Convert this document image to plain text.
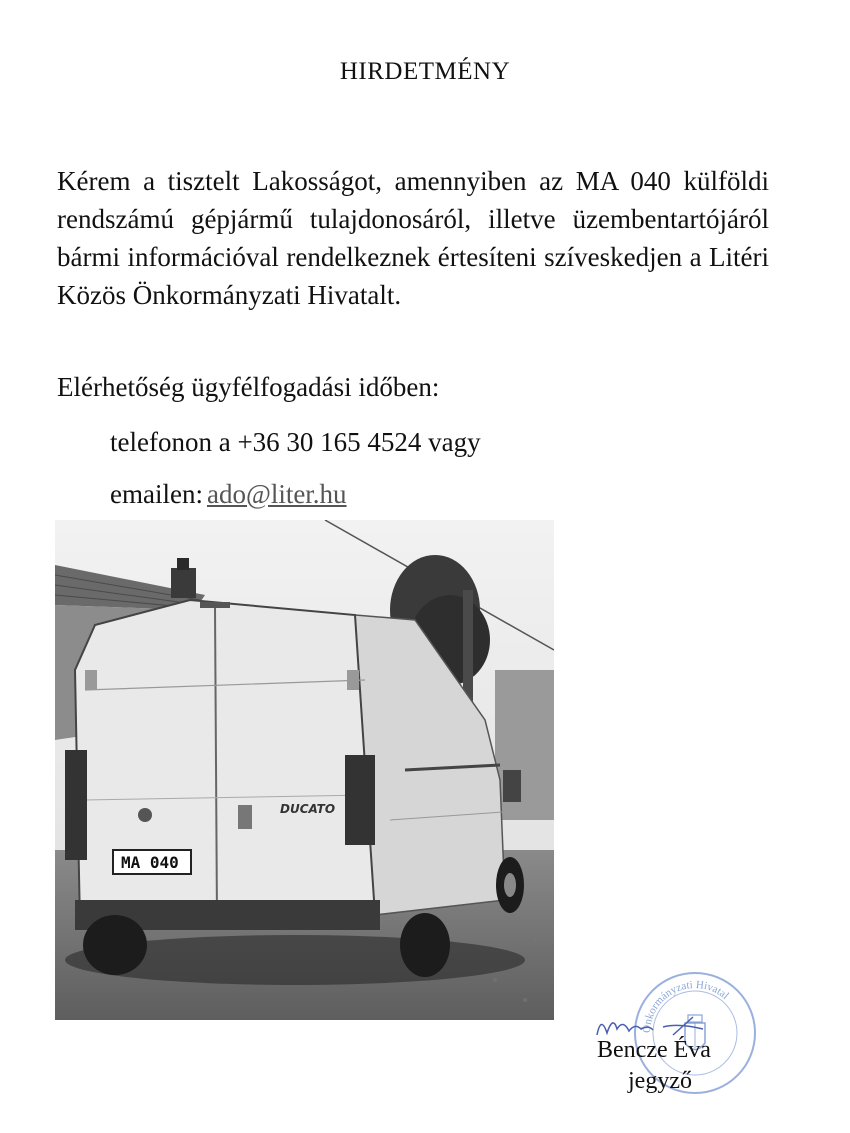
HIRDETMÉNY
Kérem a tisztelt Lakosságot, amennyiben az MA 040 külföldi rendszámú gépjármű tulajdonosáról, illetve üzembentartójáról bármi információval rendelkeznek értesíteni szíveskedjen a Litéri Közös Önkormányzati Hivatalt.
Elérhetőség ügyfélfogadási időben:
telefonon a +36 30 165 4524 vagy
emailen: ado@liter.hu
DUCATO
MA 040
Önkormányzati Hivatal
Bencze Éva
jegyző
